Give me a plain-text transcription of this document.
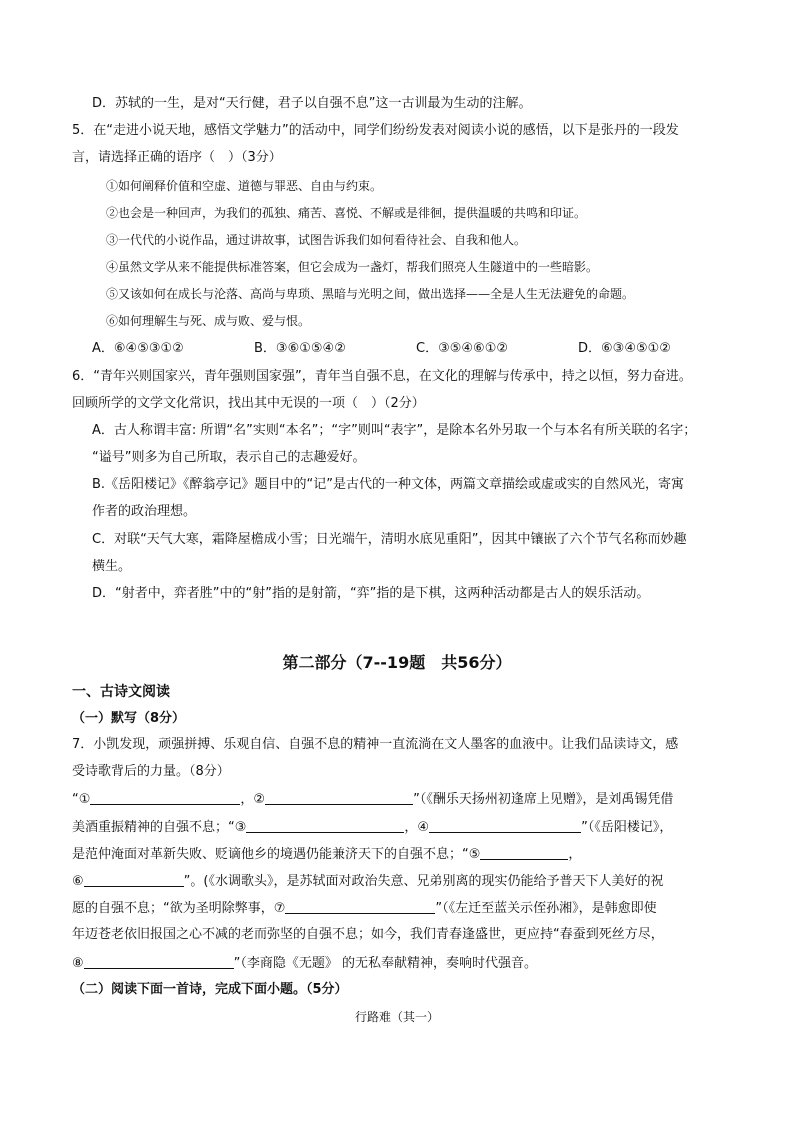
D．苏轼的一生，是对“天行健，君子以自强不息”这一古训最为生动的注解。
5．在“走进小说天地，感悟文学魅力”的活动中，同学们纷纷发表对阅读小说的感悟，以下是张丹的一段发
言，请选择正确的语序（　）（3分）
①如何阐释价值和空虚、道德与罪恶、自由与约束。
②也会是一种回声，为我们的孤独、痛苦、喜悦、不解或是徘徊，提供温暖的共鸣和印证。
③一代代的小说作品，通过讲故事，试图告诉我们如何看待社会、自我和他人。
④虽然文学从来不能提供标准答案，但它会成为一盏灯，帮我们照亮人生隧道中的一些暗影。
⑤又该如何在成长与沦落、高尚与卑琐、黑暗与光明之间，做出选择——全是人生无法避免的命题。
⑥如何理解生与死、成与败、爱与恨。
A．⑥④⑤③①②	B．③⑥①⑤④②	C．③⑤④⑥①②	D．⑥③④⑤①②
6．“青年兴则国家兴，青年强则国家强”，青年当自强不息，在文化的理解与传承中，持之以恒，努力奋进。
回顾所学的文学文化常识，找出其中无误的一项（　）（2分）
A．古人称谓丰富: 所谓“名”实则“本名”；“字”则叫“表字”，是除本名外另取一个与本名有所关联的名字；
“谥号”则多为自己所取，表示自己的志趣爱好。
B.《岳阳楼记》《醉翁亭记》题目中的“记”是古代的一种文体，两篇文章描绘或虚或实的自然风光，寄寓
作者的政治理想。
C．对联“天气大寒，霜降屋檐成小雪；日光端午，清明水底见重阳”，因其中镶嵌了六个节气名称而妙趣
横生。
D．“射者中，弈者胜”中的“射”指的是射箭，“弈”指的是下棋，这两种活动都是古人的娱乐活动。
第二部分（7--19题　共56分）
一、古诗文阅读
（一）默写（8分）
7．小凯发现，顽强拼搏、乐观自信、自强不息的精神一直流淌在文人墨客的血液中。让我们品读诗文，感
受诗歌背后的力量。（8分）
“①	，②	”（《酬乐天扬州初逢席上见赠》，是刘禹锡凭借
美酒重振精神的自强不息；“③	，④	”（《岳阳楼记》，
是范仲淹面对革新失败、贬谪他乡的境遇仍能兼济天下的自强不息；“⑤	，
⑥	”。(《水调歌头》，是苏轼面对政治失意、兄弟别离的现实仍能给予普天下人美好的祝
愿的自强不息；“欲为圣明除弊事，⑦	”（《左迁至蓝关示侄孙湘》，是韩愈即使
年迈苍老依旧报国之心不减的老而弥坚的自强不息；如今，我们青春逢盛世，更应持“春蚕到死丝方尽，
⑧	”（李商隐《无题》 的无私奉献精神，奏响时代强音。
（二）阅读下面一首诗，完成下面小题。（5分）
行路难（其一）
